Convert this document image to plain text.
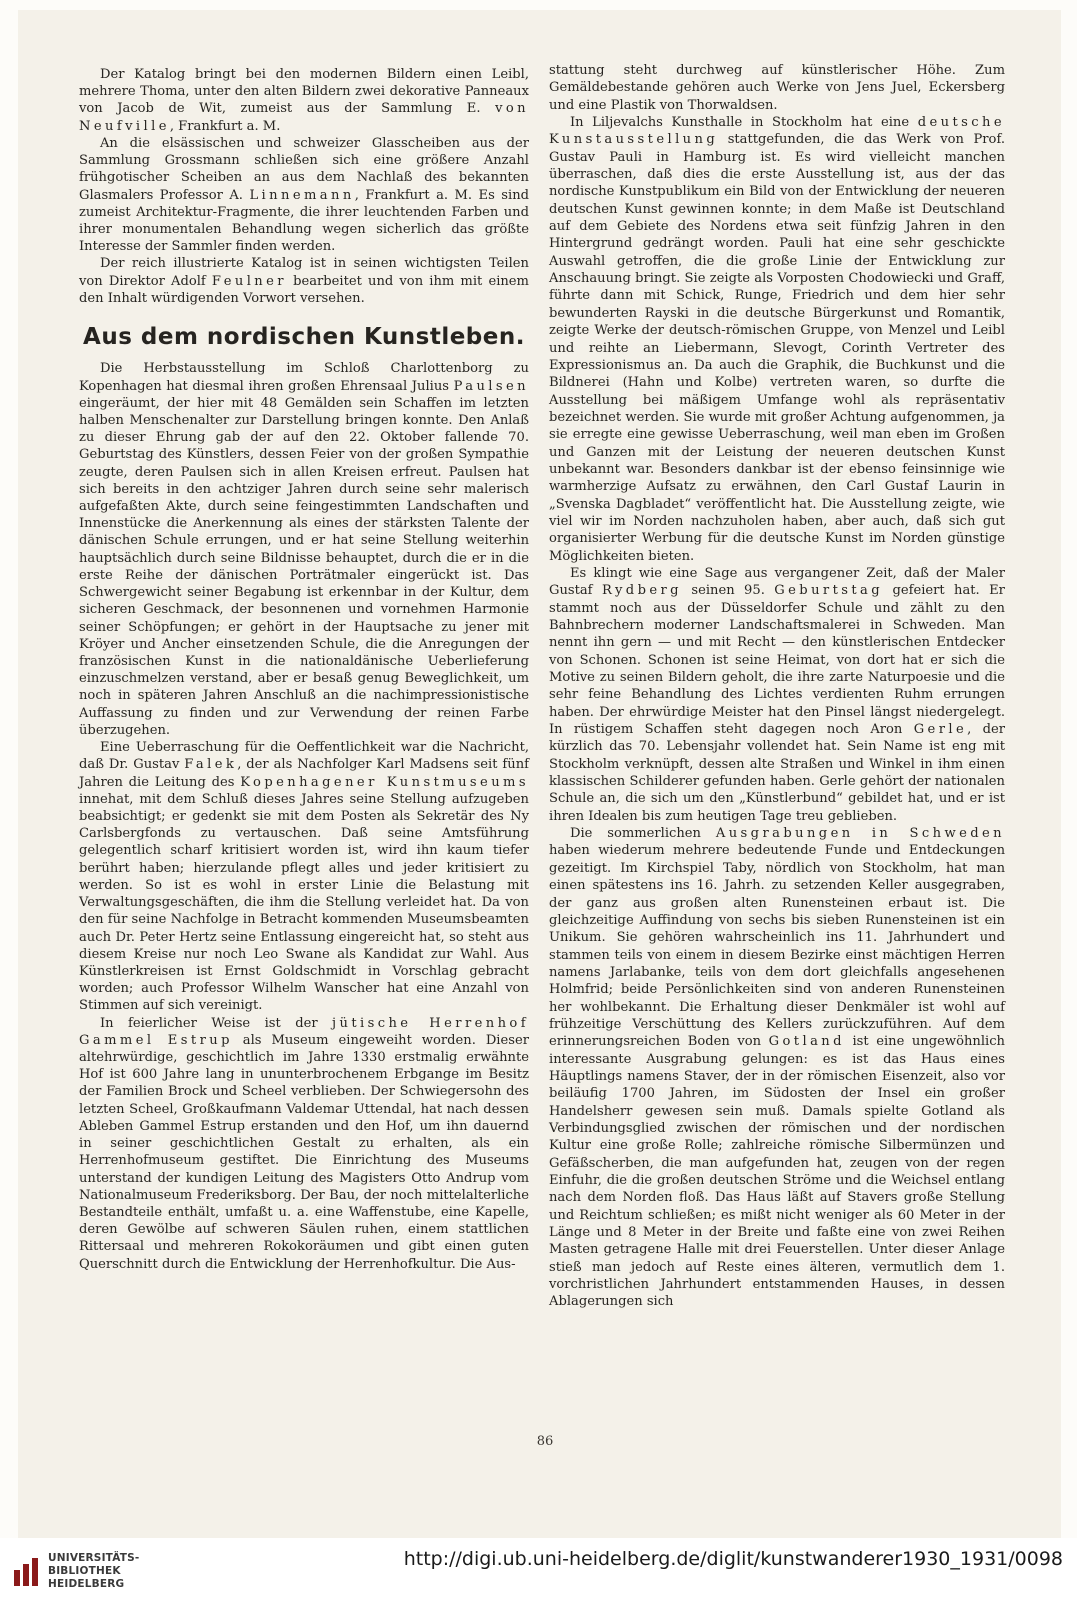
Der Katalog bringt bei den modernen Bildern einen Leibl, mehrere Thoma, unter den alten Bildern zwei dekorative Panneaux von Jacob de Wit, zumeist aus der Sammlung E. von Neufville, Frankfurt a. M.

An die elsässischen und schweizer Glasscheiben aus der Sammlung Grossmann schließen sich eine größere Anzahl frühgotischer Scheiben an aus dem Nachlaß des bekannten Glasmalers Professor A. Linnemann, Frankfurt a. M. Es sind zumeist Architektur-Fragmente, die ihrer leuchtenden Farben und ihrer monumentalen Behandlung wegen sicherlich das größte Interesse der Sammler finden werden.

Der reich illustrierte Katalog ist in seinen wichtigsten Teilen von Direktor Adolf Feulner bearbeitet und von ihm mit einem den Inhalt würdigenden Vorwort versehen.

Aus dem nordischen Kunstleben.

Die Herbstausstellung im Schloß Charlottenborg zu Kopenhagen hat diesmal ihren großen Ehrensaal Julius Paulsen eingeräumt, der hier mit 48 Gemälden sein Schaffen im letzten halben Menschenalter zur Darstellung bringen konnte. Den Anlaß zu dieser Ehrung gab der auf den 22. Oktober fallende 70. Geburtstag des Künstlers, dessen Feier von der großen Sympathie zeugte, deren Paulsen sich in allen Kreisen erfreut. Paulsen hat sich bereits in den achtziger Jahren durch seine sehr malerisch aufgefaßten Akte, durch seine feingestimmten Landschaften und Innenstücke die Anerkennung als eines der stärksten Talente der dänischen Schule errungen, und er hat seine Stellung weiterhin hauptsächlich durch seine Bildnisse behauptet, durch die er in die erste Reihe der dänischen Porträtmaler eingerückt ist. Das Schwergewicht seiner Begabung ist erkennbar in der Kultur, dem sicheren Geschmack, der besonnenen und vornehmen Harmonie seiner Schöpfungen; er gehört in der Hauptsache zu jener mit Kröyer und Ancher einsetzenden Schule, die die Anregungen der französischen Kunst in die nationaldänische Ueberlieferung einzuschmelzen verstand, aber er besaß genug Beweglichkeit, um noch in späteren Jahren Anschluß an die nachimpressionistische Auffassung zu finden und zur Verwendung der reinen Farbe überzugehen.

Eine Ueberraschung für die Oeffentlichkeit war die Nachricht, daß Dr. Gustav Falek, der als Nachfolger Karl Madsens seit fünf Jahren die Leitung des Kopenhagener Kunstmuseums innehat, mit dem Schluß dieses Jahres seine Stellung aufzugeben beabsichtigt; er gedenkt sie mit dem Posten als Sekretär des Ny Carlsbergfonds zu vertauschen. Daß seine Amtsführung gelegentlich scharf kritisiert worden ist, wird ihn kaum tiefer berührt haben; hierzulande pflegt alles und jeder kritisiert zu werden. So ist es wohl in erster Linie die Belastung mit Verwaltungsgeschäften, die ihm die Stellung verleidet hat. Da von den für seine Nachfolge in Betracht kommenden Museumsbeamten auch Dr. Peter Hertz seine Entlassung eingereicht hat, so steht aus diesem Kreise nur noch Leo Swane als Kandidat zur Wahl. Aus Künstlerkreisen ist Ernst Goldschmidt in Vorschlag gebracht worden; auch Professor Wilhelm Wanscher hat eine Anzahl von Stimmen auf sich vereinigt.

In feierlicher Weise ist der jütische Herrenhof Gammel Estrup als Museum eingeweiht worden. Dieser altehrwürdige, geschichtlich im Jahre 1330 erstmalig erwähnte Hof ist 600 Jahre lang in ununterbrochenem Erbgange im Besitz der Familien Brock und Scheel verblieben. Der Schwiegersohn des letzten Scheel, Großkaufmann Valdemar Uttendal, hat nach dessen Ableben Gammel Estrup erstanden und den Hof, um ihn dauernd in seiner geschichtlichen Gestalt zu erhalten, als ein Herrenhofmuseum gestiftet. Die Einrichtung des Museums unterstand der kundigen Leitung des Magisters Otto Andrup vom Nationalmuseum Frederiksborg. Der Bau, der noch mittelalterliche Bestandteile enthält, umfaßt u. a. eine Waffenstube, eine Kapelle, deren Gewölbe auf schweren Säulen ruhen, einem stattlichen Rittersaal und mehreren Rokokoräumen und gibt einen guten Querschnitt durch die Entwicklung der Herrenhofkultur. Die Aus-

stattung steht durchweg auf künstlerischer Höhe. Zum Gemäldebestande gehören auch Werke von Jens Juel, Eckersberg und eine Plastik von Thorwaldsen.

In Liljevalchs Kunsthalle in Stockholm hat eine deutsche Kunstausstellung stattgefunden, die das Werk von Prof. Gustav Pauli in Hamburg ist. Es wird vielleicht manchen überraschen, daß dies die erste Ausstellung ist, aus der das nordische Kunstpublikum ein Bild von der Entwicklung der neueren deutschen Kunst gewinnen konnte; in dem Maße ist Deutschland auf dem Gebiete des Nordens etwa seit fünfzig Jahren in den Hintergrund gedrängt worden. Pauli hat eine sehr geschickte Auswahl getroffen, die die große Linie der Entwicklung zur Anschauung bringt. Sie zeigte als Vorposten Chodowiecki und Graff, führte dann mit Schick, Runge, Friedrich und dem hier sehr bewunderten Rayski in die deutsche Bürgerkunst und Romantik, zeigte Werke der deutsch-römischen Gruppe, von Menzel und Leibl und reihte an Liebermann, Slevogt, Corinth Vertreter des Expressionismus an. Da auch die Graphik, die Buchkunst und die Bildnerei (Hahn und Kolbe) vertreten waren, so durfte die Ausstellung bei mäßigem Umfange wohl als repräsentativ bezeichnet werden. Sie wurde mit großer Achtung aufgenommen, ja sie erregte eine gewisse Ueberraschung, weil man eben im Großen und Ganzen mit der Leistung der neueren deutschen Kunst unbekannt war. Besonders dankbar ist der ebenso feinsinnige wie warmherzige Aufsatz zu erwähnen, den Carl Gustaf Laurin in „Svenska Dagbladet“ veröffentlicht hat. Die Ausstellung zeigte, wie viel wir im Norden nachzuholen haben, aber auch, daß sich gut organisierter Werbung für die deutsche Kunst im Norden günstige Möglichkeiten bieten.

Es klingt wie eine Sage aus vergangener Zeit, daß der Maler Gustaf Rydberg seinen 95. Geburtstag gefeiert hat. Er stammt noch aus der Düsseldorfer Schule und zählt zu den Bahnbrechern moderner Landschaftsmalerei in Schweden. Man nennt ihn gern — und mit Recht — den künstlerischen Entdecker von Schonen. Schonen ist seine Heimat, von dort hat er sich die Motive zu seinen Bildern geholt, die ihre zarte Naturpoesie und die sehr feine Behandlung des Lichtes verdienten Ruhm errungen haben. Der ehrwürdige Meister hat den Pinsel längst niedergelegt. In rüstigem Schaffen steht dagegen noch Aron Gerle, der kürzlich das 70. Lebensjahr vollendet hat. Sein Name ist eng mit Stockholm verknüpft, dessen alte Straßen und Winkel in ihm einen klassischen Schilderer gefunden haben. Gerle gehört der nationalen Schule an, die sich um den „Künstlerbund“ gebildet hat, und er ist ihren Idealen bis zum heutigen Tage treu geblieben.

Die sommerlichen Ausgrabungen in Schweden haben wiederum mehrere bedeutende Funde und Entdeckungen gezeitigt. Im Kirchspiel Taby, nördlich von Stockholm, hat man einen spätestens ins 16. Jahrh. zu setzenden Keller ausgegraben, der ganz aus großen alten Runensteinen erbaut ist. Die gleichzeitige Auffindung von sechs bis sieben Runensteinen ist ein Unikum. Sie gehören wahrscheinlich ins 11. Jahrhundert und stammen teils von einem in diesem Bezirke einst mächtigen Herren namens Jarlabanke, teils von dem dort gleichfalls angesehenen Holmfrid; beide Persönlichkeiten sind von anderen Runensteinen her wohlbekannt. Die Erhaltung dieser Denkmäler ist wohl auf frühzeitige Verschüttung des Kellers zurückzuführen. Auf dem erinnerungsreichen Boden von Gotland ist eine ungewöhnlich interessante Ausgrabung gelungen: es ist das Haus eines Häuptlings namens Staver, der in der römischen Eisenzeit, also vor beiläufig 1700 Jahren, im Südosten der Insel ein großer Handelsherr gewesen sein muß. Damals spielte Gotland als Verbindungsglied zwischen der römischen und der nordischen Kultur eine große Rolle; zahlreiche römische Silbermünzen und Gefäßscherben, die man aufgefunden hat, zeugen von der regen Einfuhr, die die großen deutschen Ströme und die Weichsel entlang nach dem Norden floß. Das Haus läßt auf Stavers große Stellung und Reichtum schließen; es mißt nicht weniger als 60 Meter in der Länge und 8 Meter in der Breite und faßte eine von zwei Reihen Masten getragene Halle mit drei Feuerstellen. Unter dieser Anlage stieß man jedoch auf Reste eines älteren, vermutlich dem 1. vorchristlichen Jahrhundert entstammenden Hauses, in dessen Ablagerungen sich

86
UNIVERSITÄTS-
BIBLIOTHEK
HEIDELBERG
http://digi.ub.uni-heidelberg.de/diglit/kunstwanderer1930_1931/0098
